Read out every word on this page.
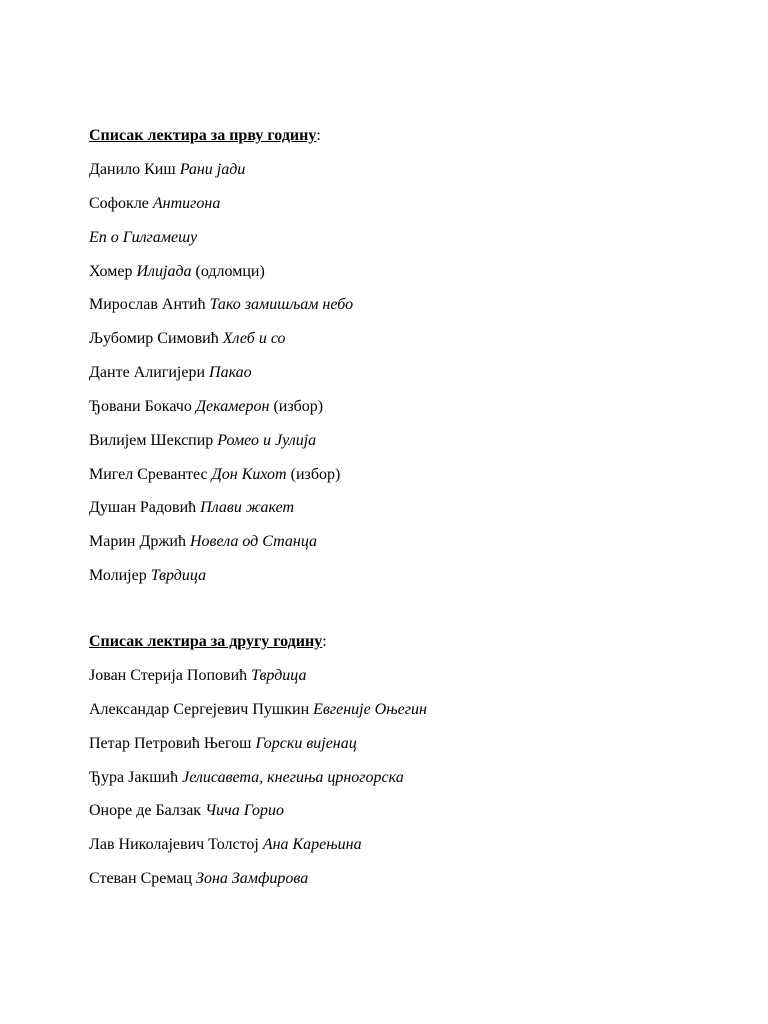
Списак лектира за прву годину:
Данило Киш Рани јади
Софокле Антигона
Еп о Гилгамешу
Хомер Илијада (одломци)
Мирослав Антић Тако замишљам небо
Љубомир Симовић Хлеб и со
Данте Алигијери Пакао
Ђовани Бокачо Декамерон (избор)
Вилијем Шекспир Ромео и Јулија
Мигел Сревантес Дон Кихот (избор)
Душан Радовић Плави жакет
Марин Држић Новела од Станца
Молијер Тврдица
Списак лектира за другу годину:
Јован Стерија Поповић Тврдица
Александар Сергејевич Пушкин Евгеније Оњегин
Петар Петровић Његош Горски вијенац
Ђура Јакшић Јелисавета, кнегиња црногорска
Оноре де Балзак Чича Горио
Лав Николајевич Толстој Ана Карењина
Стеван Сремац Зона Замфирова
